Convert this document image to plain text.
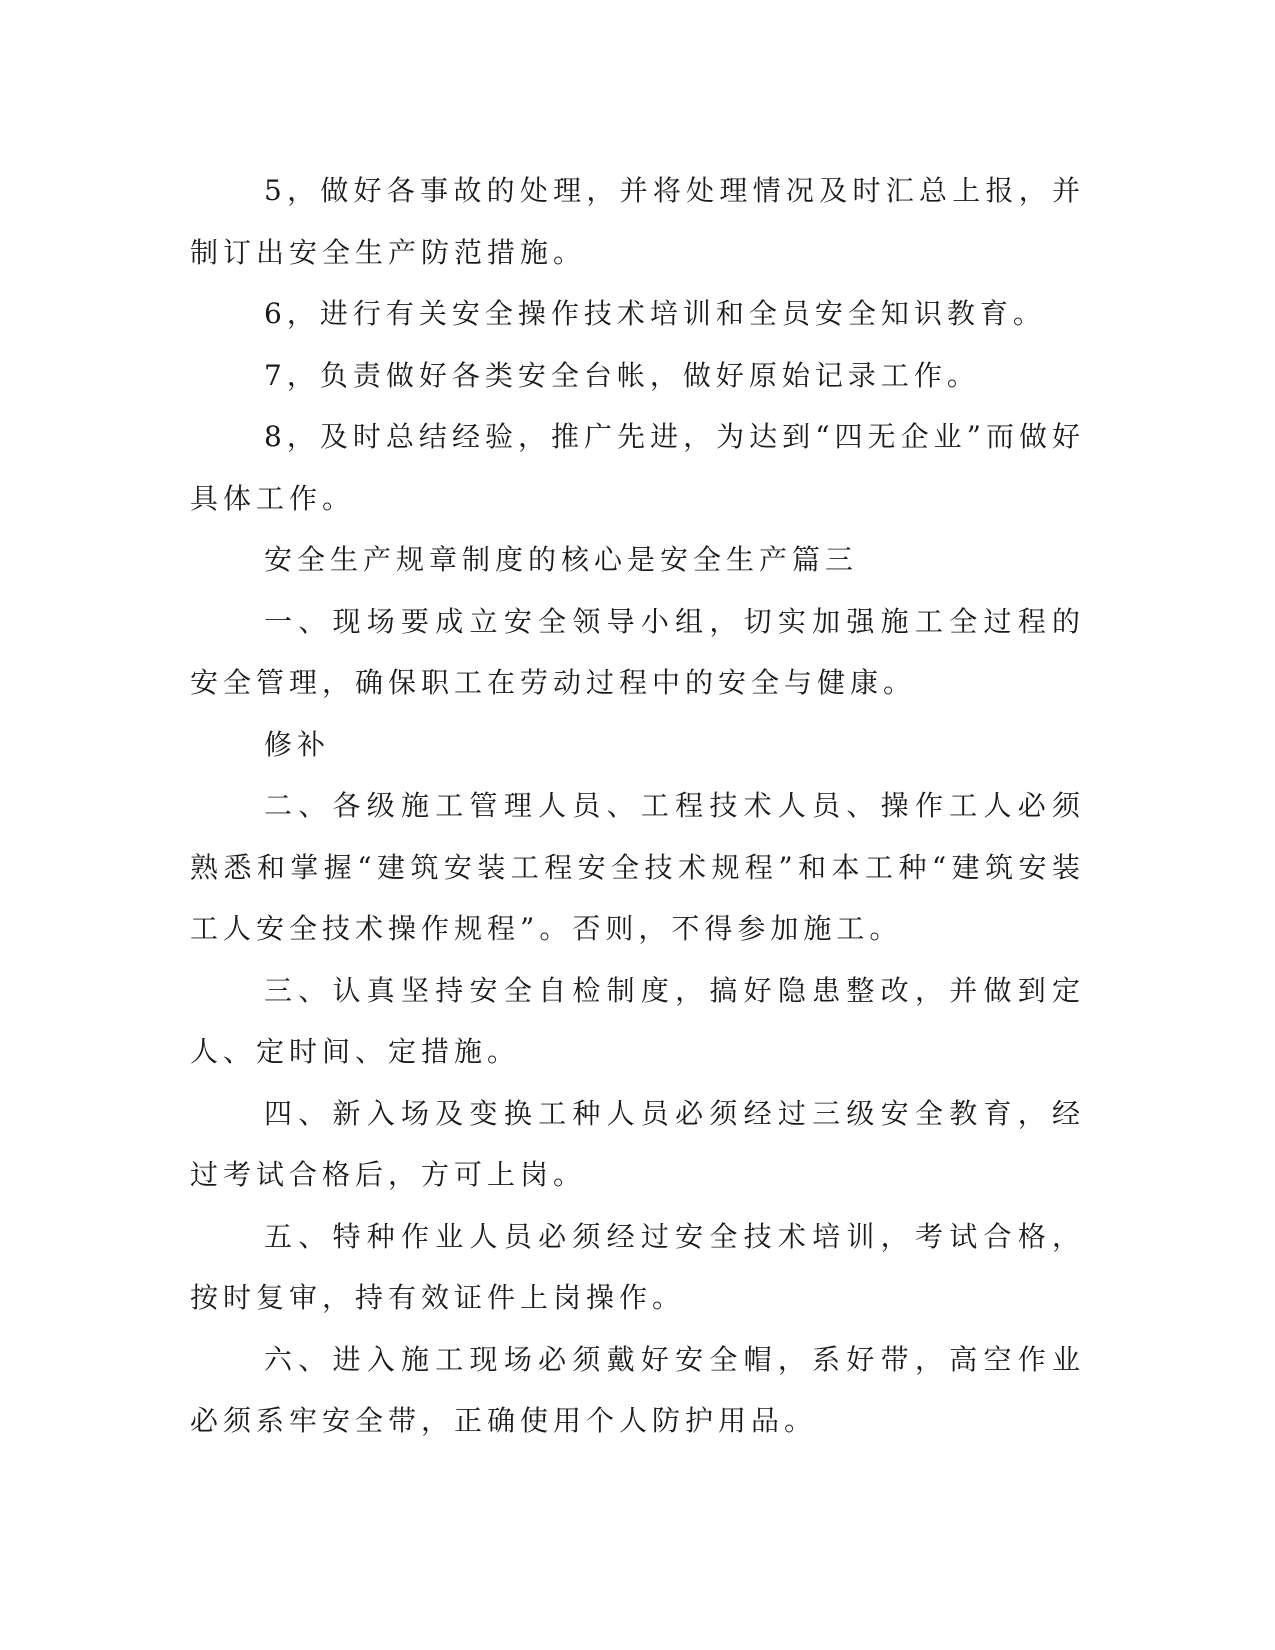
5，做好各事故的处理，并将处理情况及时汇总上报，并制订出安全生产防范措施。

6，进行有关安全操作技术培训和全员安全知识教育。

7，负责做好各类安全台帐，做好原始记录工作。

8，及时总结经验，推广先进，为达到“四无企业”而做好具体工作。

安全生产规章制度的核心是安全生产篇三

一、现场要成立安全领导小组，切实加强施工全过程的安全管理，确保职工在劳动过程中的安全与健康。

修补

二、各级施工管理人员、工程技术人员、操作工人必须熟悉和掌握“建筑安装工程安全技术规程”和本工种“建筑安装工人安全技术操作规程”。否则，不得参加施工。

三、认真坚持安全自检制度，搞好隐患整改，并做到定人、定时间、定措施。

四、新入场及变换工种人员必须经过三级安全教育，经过考试合格后，方可上岗。

五、特种作业人员必须经过安全技术培训，考试合格，按时复审，持有效证件上岗操作。

六、进入施工现场必须戴好安全帽，系好带，高空作业必须系牢安全带，正确使用个人防护用品。
